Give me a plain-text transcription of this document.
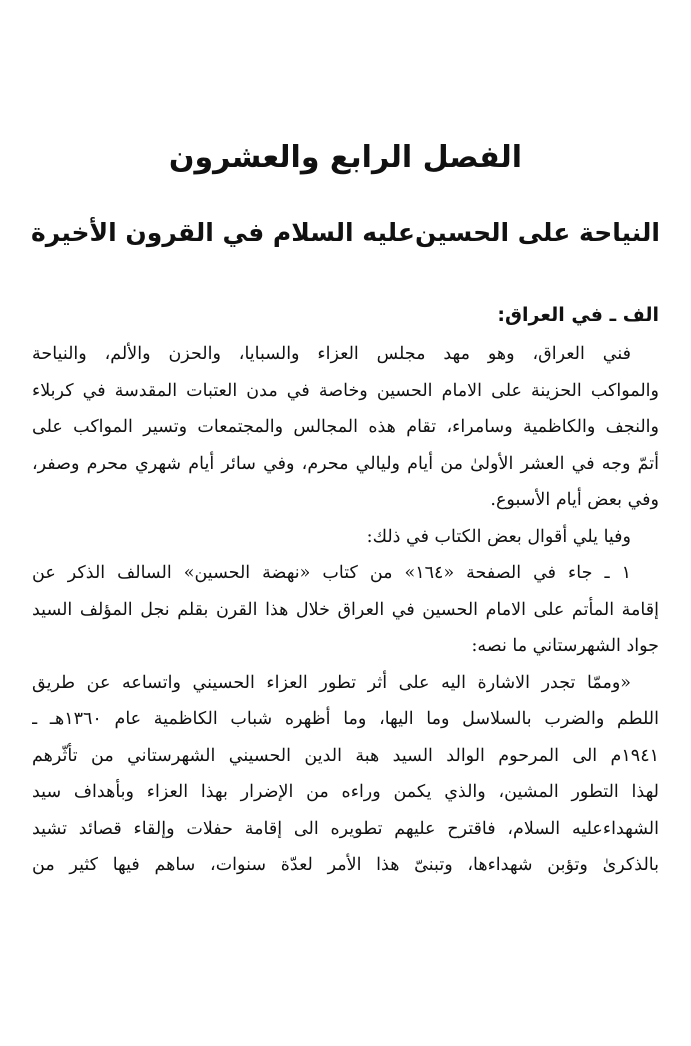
الفصل الرابع والعشرون
النياحة على الحسين‌عليه السلام في القرون الأخيرة
الف ـ في العراق:

فني العراق، وهو مهد مجلس العزاء والسبايا، والحزن والألم، والنياحة
والمواكب الحزينة على الامام الحسين وخاصة في مدن العتبات المقدسة في كربلاء
والنجف والكاظمية وسامراء، تقام هذه المجالس والمجتمعات وتسير المواكب على
أتمّ وجه في العشر الأولىٰ من أيام وليالي محرم، وفي سائر أيام شهري محرم وصفر،
وفي بعض أيام الأسبوع.

وفيا يلي أقوال بعض الكتاب في ذلك:

١ ـ جاء في الصفحة «١٦٤» من كتاب «نهضة الحسين» السالف الذكر عن
إقامة المأتم على الامام الحسين في العراق خلال هذا القرن بقلم نجل المؤلف السيد
جواد الشهرستاني ما نصه:

«وممّا تجدر الاشارة اليه على أثر تطور العزاء الحسيني واتساعه عن طريق
اللطم والضرب بالسلاسل وما اليها، وما أظهره شباب الكاظمية عام ١٣٦٠هـ ـ
١٩٤١م الى المرحوم الوالد السيد هبة الدين الحسيني الشهرستاني من تأثّرهم
لهذا التطور المشين، والذي يكمن وراءه من الإضرار بهذا العزاء وبأهداف سيد
الشهداءعليه السلام، فاقترح عليهم تطويره الى إقامة حفلات وإلقاء قصائد تشيد
بالذكرىٰ وتؤبن شهداءها، وتبنىّ هذا الأمر لعدّة سنوات، ساهم فيها كثير من
